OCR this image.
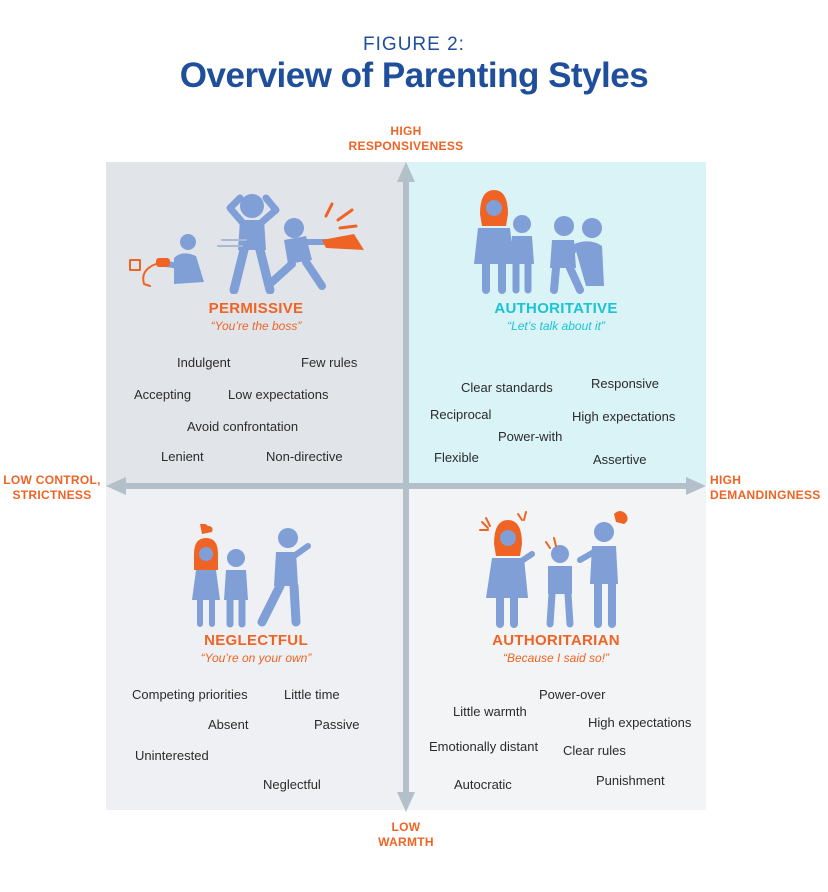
FIGURE 2:
Overview of Parenting Styles
PERMISSIVE
“You’re the boss”
Indulgent	Few rules
Accepting	Low expectations
Avoid confrontation
Lenient	Non-directive
AUTHORITATIVE
“Let’s talk about it”
Clear standards	Responsive
Reciprocal	High expectations
Power-with
Flexible	Assertive
NEGLECTFUL
“You’re on your own”
Competing priorities	Little time
Absent	Passive
Uninterested
Neglectful
AUTHORITARIAN
“Because I said so!”
Power-over
Little warmth
High expectations
Emotionally distant Clear rules
Autocratic	Punishment
HIGH
RESPONSIVENESS
LOW
WARMTH
LOW CONTROL,
STRICTNESS
HIGH
DEMANDINGNESS
